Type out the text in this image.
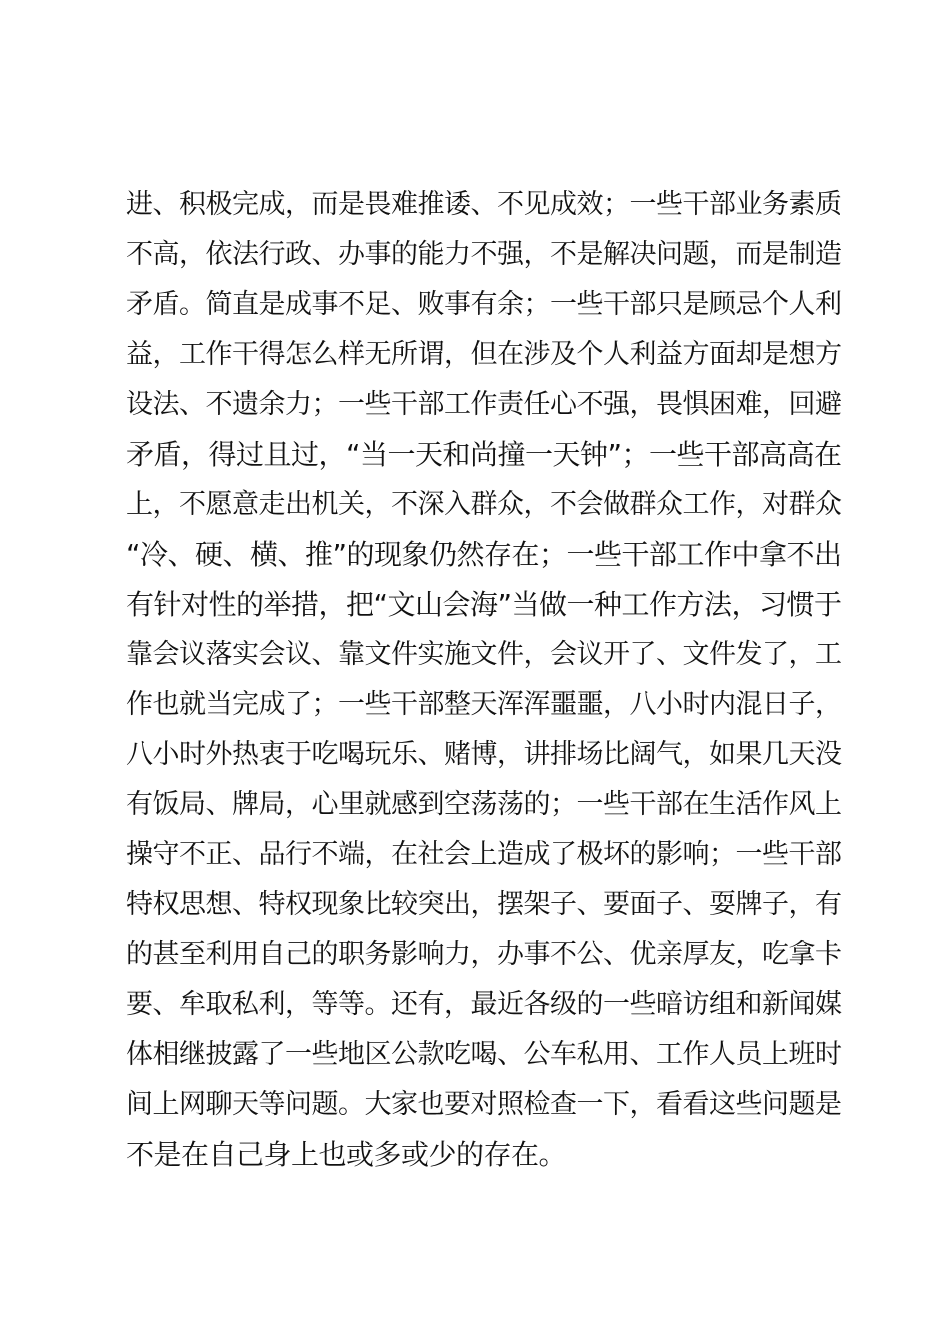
进、积极完成，而是畏难推诿、不见成效；一些干部业务素质
不高，依法行政、办事的能力不强，不是解决问题，而是制造
矛盾。简直是成事不足、败事有余；一些干部只是顾忌个人利
益，工作干得怎么样无所谓，但在涉及个人利益方面却是想方
设法、不遗余力；一些干部工作责任心不强，畏惧困难，回避
矛盾，得过且过，“当一天和尚撞一天钟”；一些干部高高在
上，不愿意走出机关，不深入群众，不会做群众工作，对群众
“冷、硬、横、推”的现象仍然存在；一些干部工作中拿不出
有针对性的举措，把“文山会海”当做一种工作方法，习惯于
靠会议落实会议、靠文件实施文件，会议开了、文件发了，工
作也就当完成了；一些干部整天浑浑噩噩，八小时内混日子，
八小时外热衷于吃喝玩乐、赌博，讲排场比阔气，如果几天没
有饭局、牌局，心里就感到空荡荡的；一些干部在生活作风上
操守不正、品行不端，在社会上造成了极坏的影响；一些干部
特权思想、特权现象比较突出，摆架子、要面子、耍牌子，有
的甚至利用自己的职务影响力，办事不公、优亲厚友，吃拿卡
要、牟取私利，等等。还有，最近各级的一些暗访组和新闻媒
体相继披露了一些地区公款吃喝、公车私用、工作人员上班时
间上网聊天等问题。大家也要对照检查一下，看看这些问题是
不是在自己身上也或多或少的存在。
